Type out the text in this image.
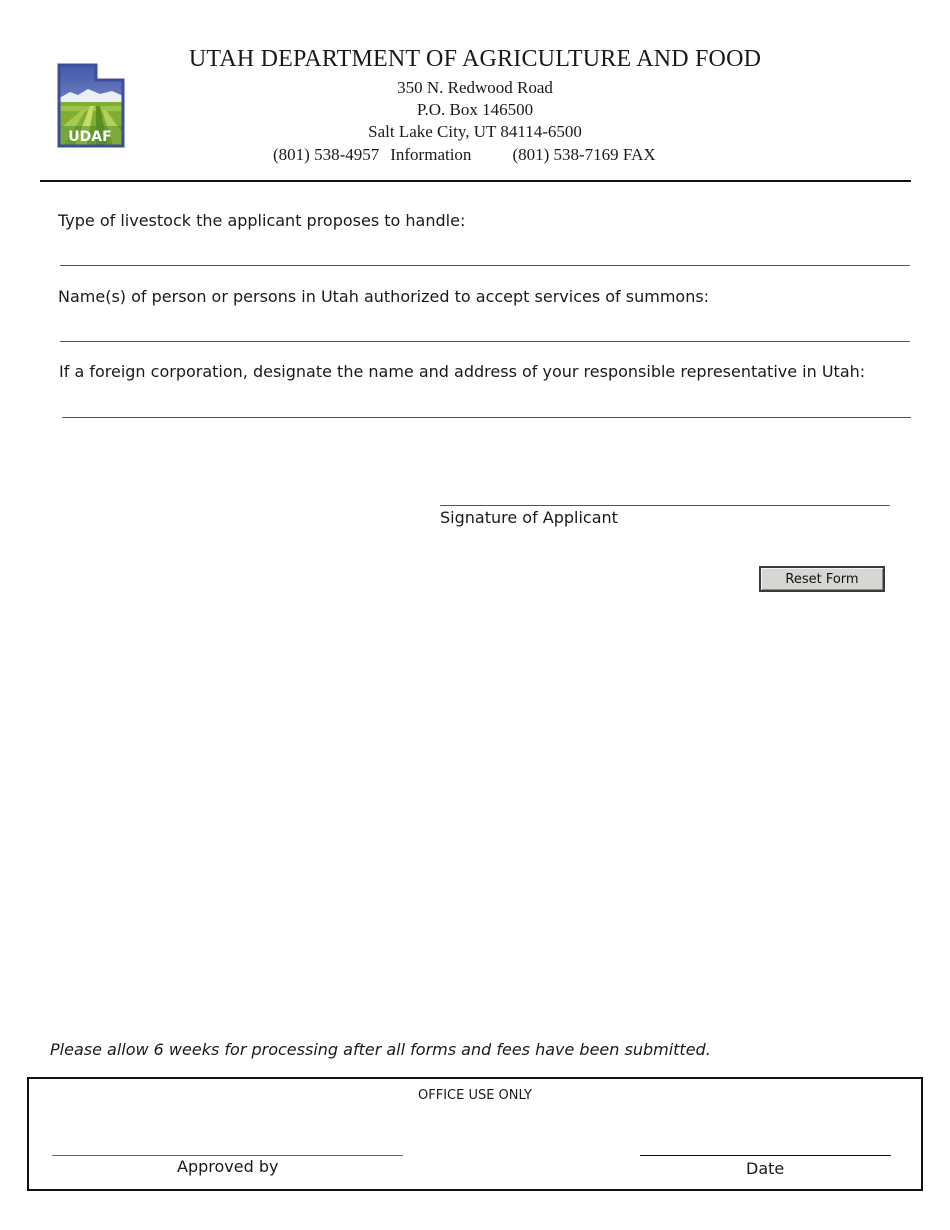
UDAF
UTAH DEPARTMENT OF AGRICULTURE AND FOOD
350 N. Redwood Road
P.O. Box 146500
Salt Lake City, UT 84114-6500
(801) 538-4957 Information (801) 538-7169 FAX
Type of livestock the applicant proposes to handle:
Name(s) of person or persons in Utah authorized to accept services of summons:
If a foreign corporation, designate the name and address of your responsible representative in Utah:
Signature of Applicant
Reset Form
Please allow 6 weeks for processing after all forms and fees have been submitted.
OFFICE USE ONLY
Approved by	Date
